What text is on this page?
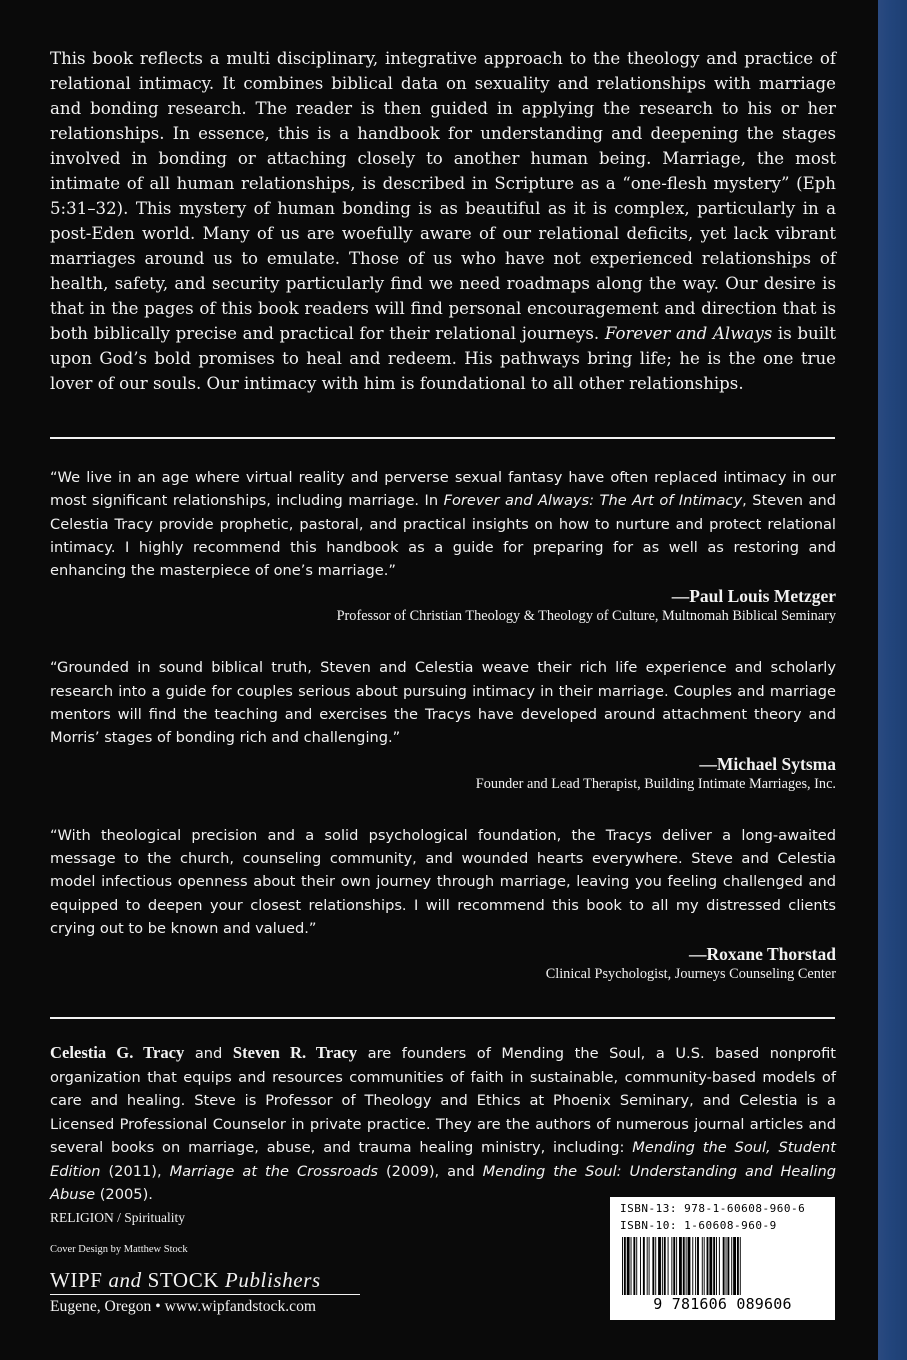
This book reflects a multi disciplinary, integrative approach to the theology and practice of relational intimacy. It combines biblical data on sexuality and relationships with marriage and bonding research. The reader is then guided in applying the research to his or her relationships. In essence, this is a handbook for understanding and deepening the stages involved in bonding or attaching closely to another human being. Marriage, the most intimate of all human relationships, is described in Scripture as a “one-flesh mystery” (Eph 5:31–32). This mystery of human bonding is as beautiful as it is complex, particularly in a post-Eden world. Many of us are woefully aware of our relational deficits, yet lack vibrant marriages around us to emulate. Those of us who have not experienced relationships of health, safety, and security particularly find we need roadmaps along the way. Our desire is that in the pages of this book readers will find personal encouragement and direction that is both biblically precise and practical for their relational journeys. Forever and Always is built upon God’s bold promises to heal and redeem. His pathways bring life; he is the one true lover of our souls. Our intimacy with him is foundational to all other relationships.

“We live in an age where virtual reality and perverse sexual fantasy have often replaced intimacy in our most significant relationships, including marriage. In Forever and Always: The Art of Intimacy, Steven and Celestia Tracy provide prophetic, pastoral, and practical insights on how to nurture and protect relational intimacy. I highly recommend this handbook as a guide for preparing for as well as restoring and enhancing the masterpiece of one’s marriage.”

—Paul Louis Metzger
Professor of Christian Theology & Theology of Culture, Multnomah Biblical Seminary

“Grounded in sound biblical truth, Steven and Celestia weave their rich life experience and scholarly research into a guide for couples serious about pursuing intimacy in their marriage. Couples and marriage mentors will find the teaching and exercises the Tracys have developed around attachment theory and Morris’ stages of bonding rich and challenging.”

—Michael Sytsma
Founder and Lead Therapist, Building Intimate Marriages, Inc.

“With theological precision and a solid psychological foundation, the Tracys deliver a long-awaited message to the church, counseling community, and wounded hearts everywhere. Steve and Celestia model infectious openness about their own journey through marriage, leaving you feeling challenged and equipped to deepen your closest relationships. I will recommend this book to all my distressed clients crying out to be known and valued.”

—Roxane Thorstad
Clinical Psychologist, Journeys Counseling Center
Celestia G. Tracy and Steven R. Tracy are founders of Mending the Soul, a U.S. based nonprofit organization that equips and resources communities of faith in sustainable, community-based models of care and healing. Steve is Professor of Theology and Ethics at Phoenix Seminary, and Celestia is a Licensed Professional Counselor in private practice. They are the authors of numerous journal articles and several books on marriage, abuse, and trauma healing ministry, including: Mending the Soul, Student Edition (2011), Marriage at the Crossroads (2009), and Mending the Soul: Understanding and Healing Abuse (2005).
RELIGION / Spirituality
Cover Design by Matthew Stock
WIPF and STOCK Publishers
Eugene, Oregon • www.wipfandstock.com
ISBN-13: 978-1-60608-960-6
ISBN-10: 1-60608-960-9
9 781606 089606
